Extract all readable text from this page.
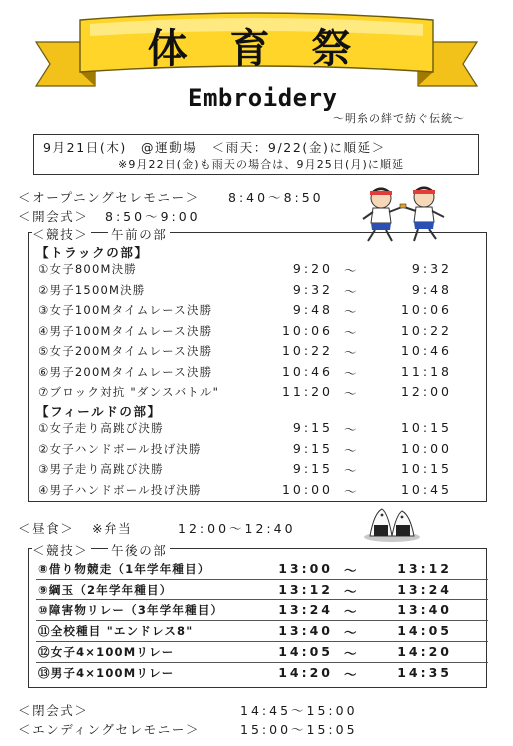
体 育 祭
Embroidery
～明糸の絆で紡ぐ伝統～
9月21日(木)　@運動場　＜雨天：9/22(金)に順延＞
※9月22日(金)も雨天の場合は、9月25日(月)に順延
＜オープニングセレモニー＞ 8:40～8:50
＜開会式＞ 8:50～9:00
＜競技＞ 午前の部
【トラックの部】
①女子800M決勝	9:20 ～	9:32
②男子1500M決勝	9:32 ～	9:48
③女子100Mタイムレース決勝	9:48 ～	10:06
④男子100Mタイムレース決勝	10:06 ～	10:22
⑤女子200Mタイムレース決勝	10:22 ～	10:46
⑥男子200Mタイムレース決勝	10:46 ～	11:18
⑦ブロック対抗 "ダンスバトル"	11:20 ～	12:00
【フィールドの部】
①女子走り高跳び決勝	9:15 ～	10:15
②女子ハンドボール投げ決勝	9:15 ～	10:00
③男子走り高跳び決勝	9:15 ～	10:15
④男子ハンドボール投げ決勝	10:00 ～	10:45
＜昼食＞ ※弁当	12:00～12:40
＜競技＞ 午後の部
⑧借り物競走（1年学年種目）	13:00 ～	13:12
⑨綱玉（2年学年種目）	13:12 ～	13:24
⑩障害物リレー（3年学年種目）	13:24 ～	13:40
⑪全校種目 "エンドレス8"	13:40 ～	14:05
⑫女子4×100Mリレー	14:05 ～	14:20
⑬男子4×100Mリレー	14:20 ～	14:35
＜閉会式＞	14:45～15:00
＜エンディングセレモニー＞	15:00～15:05
